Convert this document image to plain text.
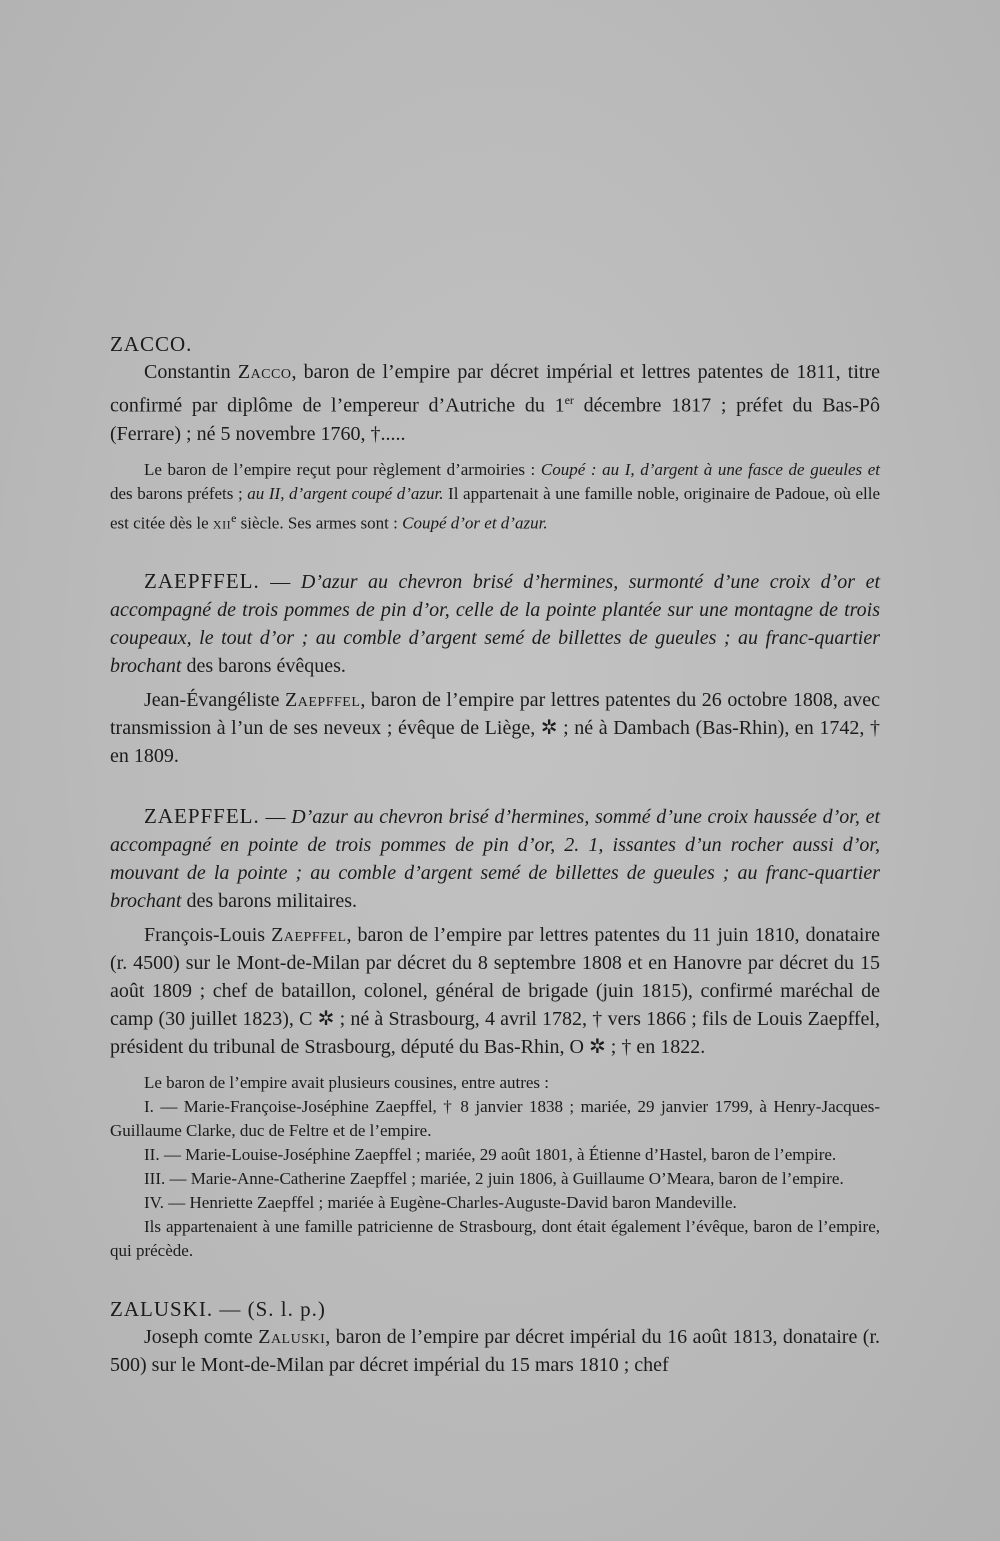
ZACCO.

Constantin Zacco, baron de l’empire par décret impérial et lettres patentes de 1811, titre confirmé par diplôme de l’empereur d’Autriche du 1er décembre 1817 ; préfet du Bas-Pô (Ferrare) ; né 5 novembre 1760, †.....

Le baron de l’empire reçut pour règlement d’armoiries : Coupé : au I, d’argent à une fasce de gueules et des barons préfets ; au II, d’argent coupé d’azur. Il appartenait à une famille noble, originaire de Padoue, où elle est citée dès le xii$^e$ siècle. Ses armes sont : Coupé d’or et d’azur.

ZAEPFFEL. — D’azur au chevron brisé d’hermines, surmonté d’une croix d’or et accompagné de trois pommes de pin d’or, celle de la pointe plantée sur une montagne de trois coupeaux, le tout d’or ; au comble d’argent semé de billettes de gueules ; au franc-quartier brochant des barons évêques.

Jean-Évangéliste Zaepffel, baron de l’empire par lettres patentes du 26 octobre 1808, avec transmission à l’un de ses neveux ; évêque de Liège, ✲ ; né à Dambach (Bas-Rhin), en 1742, † en 1809.

ZAEPFFEL. — D’azur au chevron brisé d’hermines, sommé d’une croix haussée d’or, et accompagné en pointe de trois pommes de pin d’or, 2. 1, issantes d’un rocher aussi d’or, mouvant de la pointe ; au comble d’argent semé de billettes de gueules ; au franc-quartier brochant des barons militaires.

François-Louis Zaepffel, baron de l’empire par lettres patentes du 11 juin 1810, donataire (r. 4500) sur le Mont-de-Milan par décret du 8 septembre 1808 et en Hanovre par décret du 15 août 1809 ; chef de bataillon, colonel, général de brigade (juin 1815), confirmé maréchal de camp (30 juillet 1823), C ✲ ; né à Strasbourg, 4 avril 1782, † vers 1866 ; fils de Louis Zaepffel, président du tribunal de Strasbourg, député du Bas-Rhin, O ✲ ; † en 1822.

Le baron de l’empire avait plusieurs cousines, entre autres :

I. — Marie-Françoise-Joséphine Zaepffel, † 8 janvier 1838 ; mariée, 29 janvier 1799, à Henry-Jacques-Guillaume Clarke, duc de Feltre et de l’empire.

II. — Marie-Louise-Joséphine Zaepffel ; mariée, 29 août 1801, à Étienne d’Hastel, baron de l’empire.

III. — Marie-Anne-Catherine Zaepffel ; mariée, 2 juin 1806, à Guillaume O’Meara, baron de l’empire.

IV. — Henriette Zaepffel ; mariée à Eugène-Charles-Auguste-David baron Mandeville.

Ils appartenaient à une famille patricienne de Strasbourg, dont était également l’évêque, baron de l’empire, qui précède.

ZALUSKI. — (S. l. p.)

Joseph comte Zaluski, baron de l’empire par décret impérial du 16 août 1813, donataire (r. 500) sur le Mont-de-Milan par décret impérial du 15 mars 1810 ; chef
